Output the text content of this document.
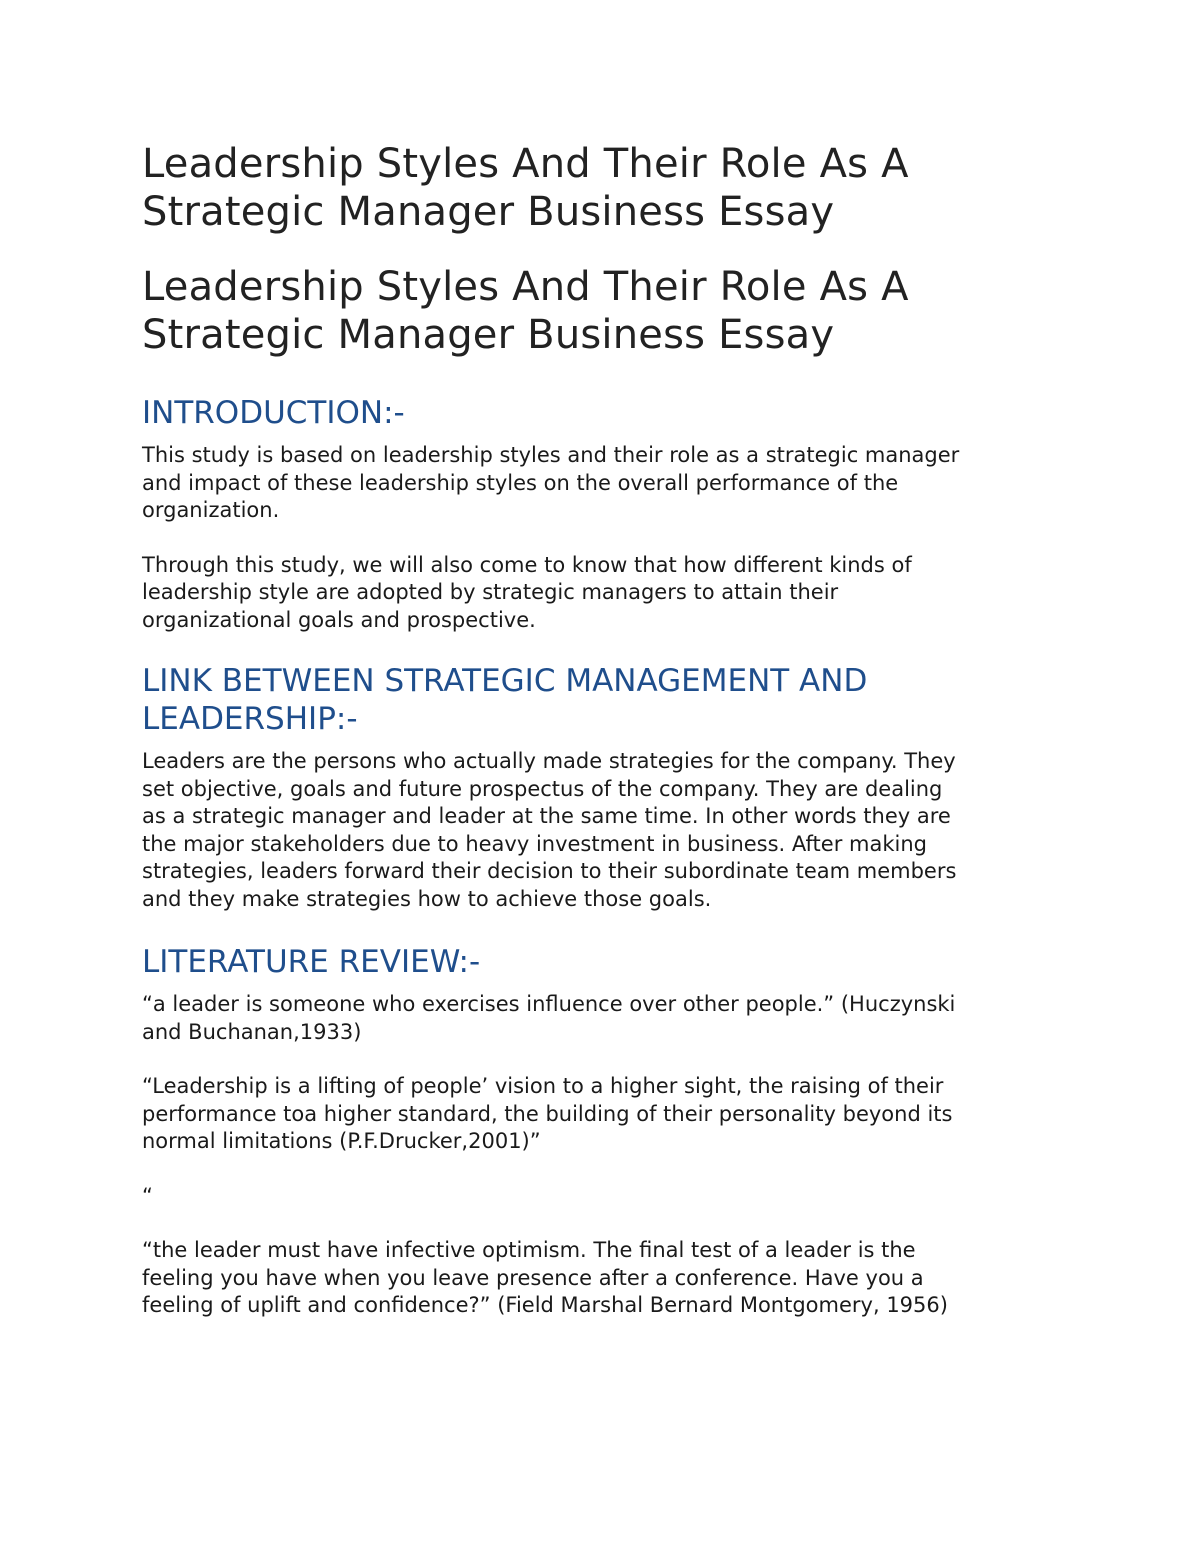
Leadership Styles And Their Role As A
Strategic Manager Business Essay
Leadership Styles And Their Role As A
Strategic Manager Business Essay
INTRODUCTION:-

This study is based on leadership styles and their role as a strategic manager
and impact of these leadership styles on the overall performance of the
organization.

Through this study, we will also come to know that how different kinds of
leadership style are adopted by strategic managers to attain their
organizational goals and prospective.

LINK BETWEEN STRATEGIC MANAGEMENT AND
LEADERSHIP:-

Leaders are the persons who actually made strategies for the company. They
set objective, goals and future prospectus of the company. They are dealing
as a strategic manager and leader at the same time. In other words they are
the major stakeholders due to heavy investment in business. After making
strategies, leaders forward their decision to their subordinate team members
and they make strategies how to achieve those goals.

LITERATURE REVIEW:-

“a leader is someone who exercises influence over other people.” (Huczynski
and Buchanan,1933)

“Leadership is a lifting of people’ vision to a higher sight, the raising of their
performance toa higher standard, the building of their personality beyond its
normal limitations (P.F.Drucker,2001)”

“

“the leader must have infective optimism. The final test of a leader is the
feeling you have when you leave presence after a conference. Have you a
feeling of uplift and confidence?” (Field Marshal Bernard Montgomery, 1956)
